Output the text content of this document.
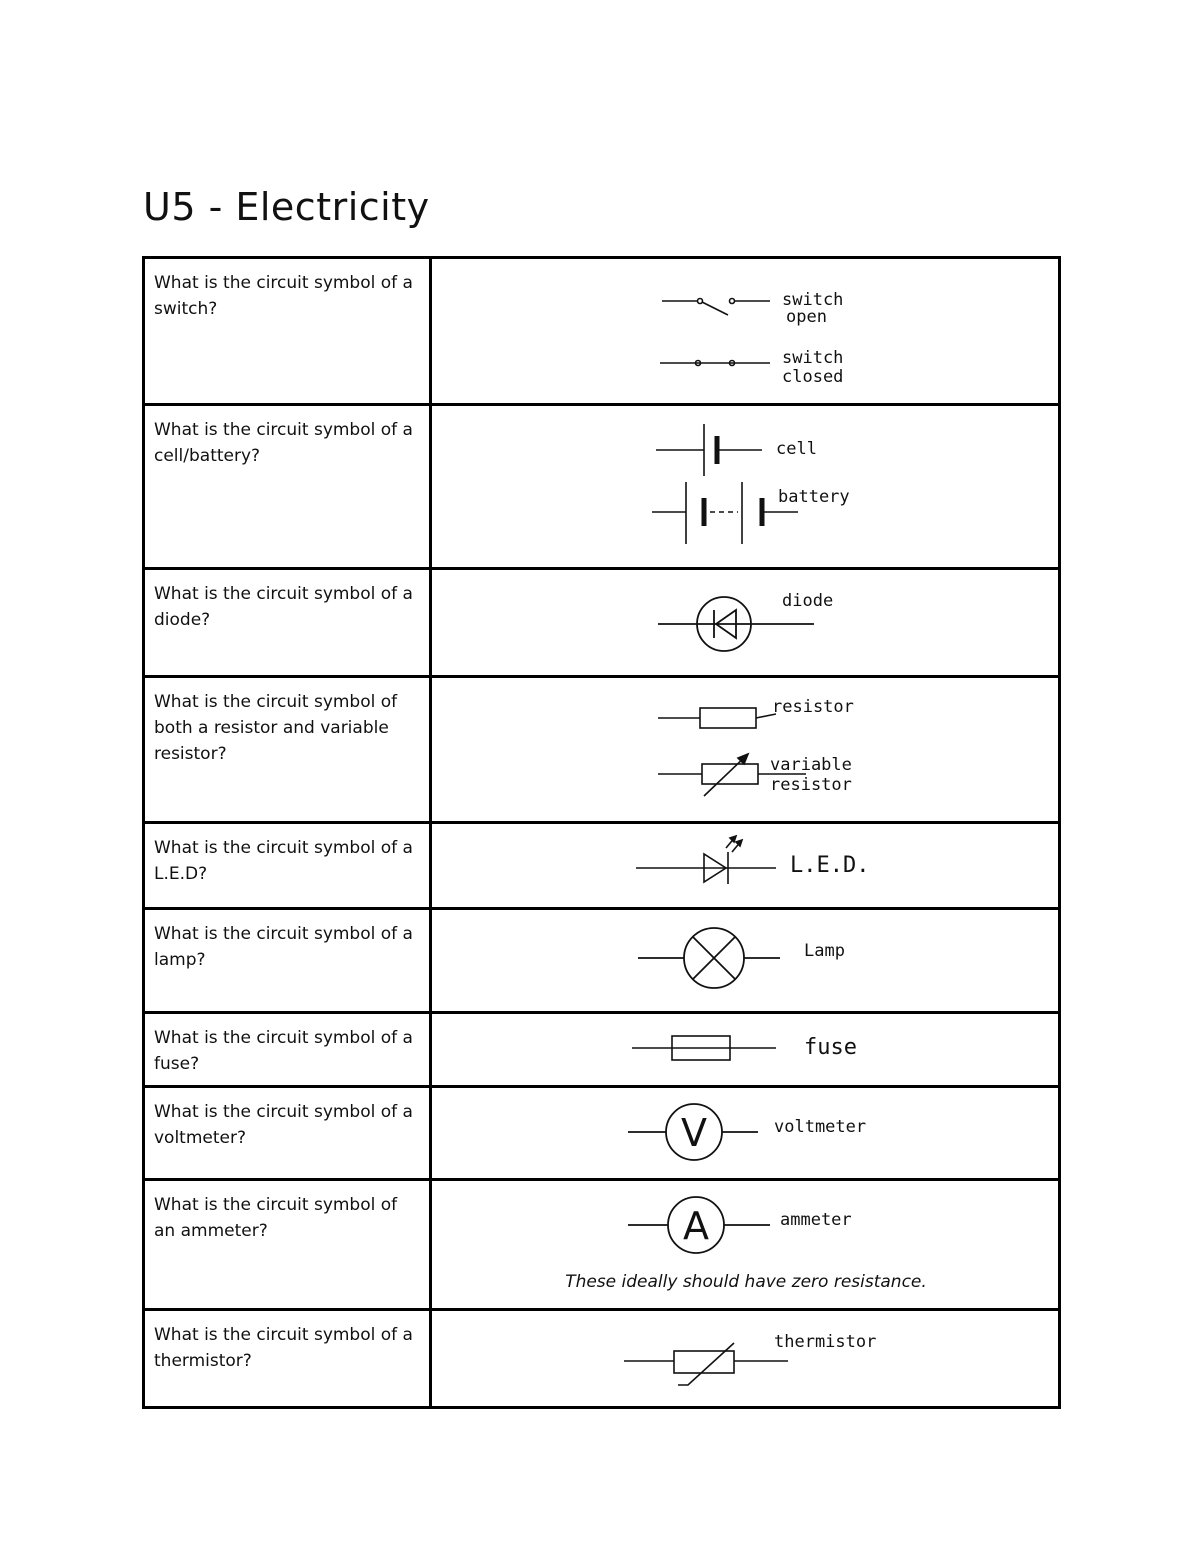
U5 - Electricity
What is the circuit symbol of a switch?	switch
open
switch
closed

What is the circuit symbol of a cell/battery?	cell
battery

What is the circuit symbol of a diode?	diode

What is the circuit symbol of both a resistor and variable resistor?	resistor
variable
resistor

What is the circuit symbol of a L.E.D?	L.E.D.

What is the circuit symbol of a lamp?	Lamp

What is the circuit symbol of a fuse?	fuse

What is the circuit symbol of a voltmeter?	V voltmeter

What is the circuit symbol of an ammeter?	A ammeter
These ideally should have zero resistance.

What is the circuit symbol of a thermistor?	thermistor
